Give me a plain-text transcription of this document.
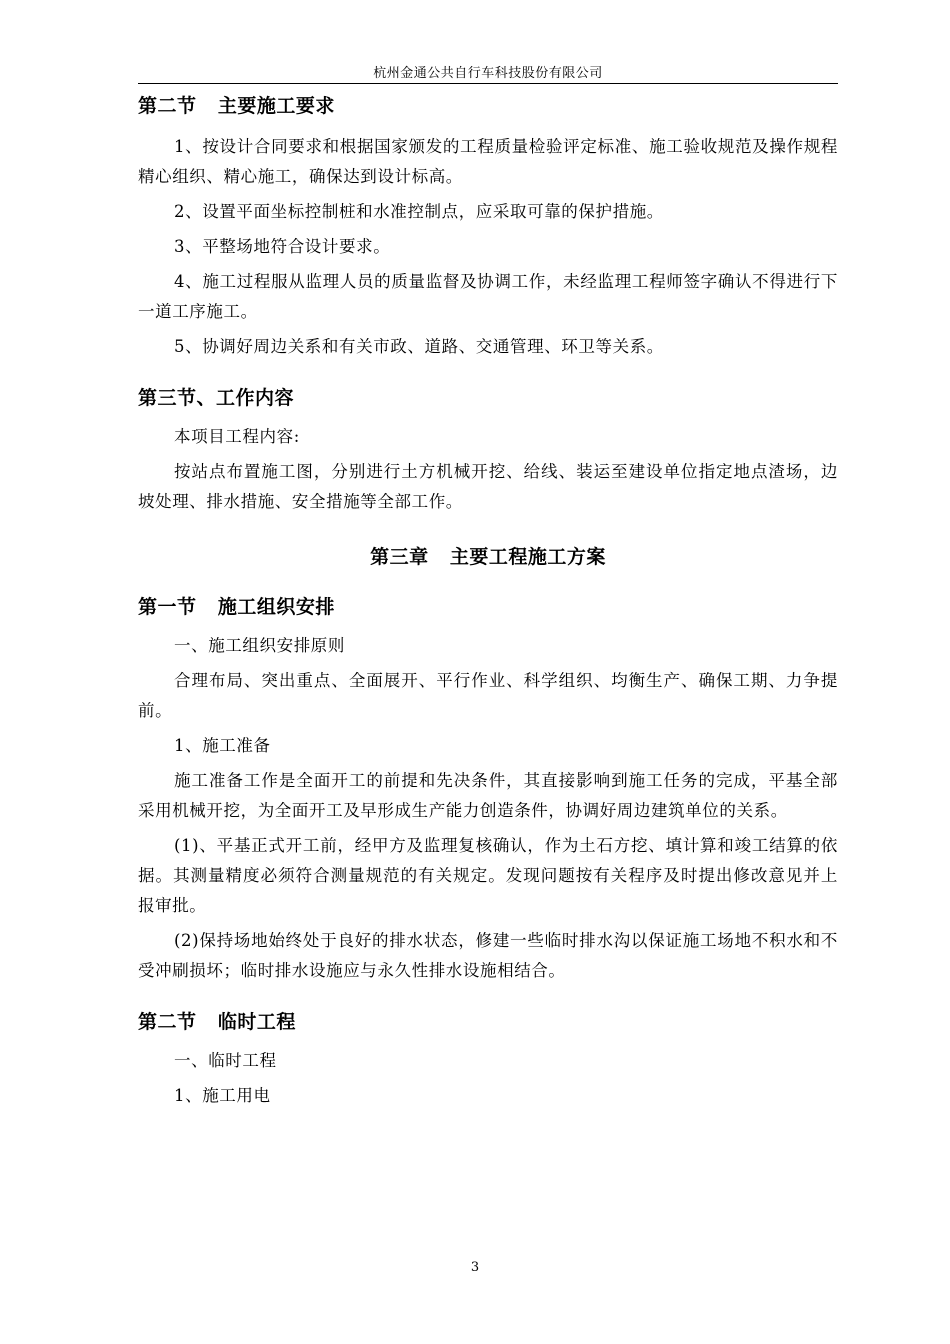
杭州金通公共自行车科技股份有限公司
第二节   主要施工要求

1、按设计合同要求和根据国家颁发的工程质量检验评定标准、施工验收规范及操作规程精心组织、精心施工，确保达到设计标高。

2、设置平面坐标控制桩和水准控制点，应采取可靠的保护措施。

3、平整场地符合设计要求。

4、施工过程服从监理人员的质量监督及协调工作，未经监理工程师签字确认不得进行下一道工序施工。

5、协调好周边关系和有关市政、道路、交通管理、环卫等关系。

第三节、工作内容

本项目工程内容:

按站点布置施工图，分别进行土方机械开挖、给线、装运至建设单位指定地点渣场，边坡处理、排水措施、安全措施等全部工作。

第三章   主要工程施工方案
第一节   施工组织安排

一、施工组织安排原则

合理布局、突出重点、全面展开、平行作业、科学组织、均衡生产、确保工期、力争提前。

1、施工准备

施工准备工作是全面开工的前提和先决条件，其直接影响到施工任务的完成，平基全部采用机械开挖，为全面开工及早形成生产能力创造条件，协调好周边建筑单位的关系。

(1)、平基正式开工前，经甲方及监理复核确认，作为土石方挖、填计算和竣工结算的依据。其测量精度必须符合测量规范的有关规定。发现问题按有关程序及时提出修改意见并上报审批。

(2)保持场地始终处于良好的排水状态，修建一些临时排水沟以保证施工场地不积水和不受冲刷损坏；临时排水设施应与永久性排水设施相结合。

第二节   临时工程

一、临时工程

1、施工用电

3
